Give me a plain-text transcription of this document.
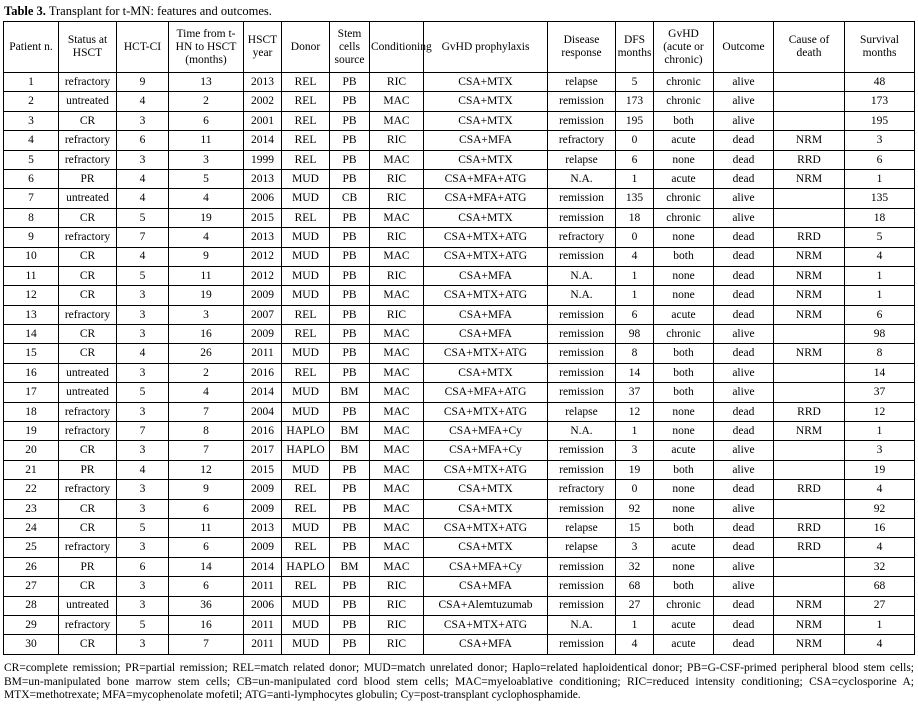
Table 3. Transplant for t-MN: features and outcomes.
Patient n.	Status at HSCT	HCT-CI	Time from t-HN to HSCT (months)	HSCT year	Donor	Stem cells source	Conditioning	GvHD prophylaxis	Disease response	DFS months	GvHD (acute or chronic)	Outcome	Cause of death	Survival months
1	refractory	9	13	2013	REL	PB	RIC	CSA+MTX	relapse	5	chronic	alive		48
2	untreated	4	2	2002	REL	PB	MAC	CSA+MTX	remission	173	chronic	alive		173
3	CR	3	6	2001	REL	PB	MAC	CSA+MTX	remission	195	both	alive		195
4	refractory	6	11	2014	REL	PB	RIC	CSA+MFA	refractory	0	acute	dead	NRM	3
5	refractory	3	3	1999	REL	PB	MAC	CSA+MTX	relapse	6	none	dead	RRD	6
6	PR	4	5	2013	MUD	PB	RIC	CSA+MFA+ATG	N.A.	1	acute	dead	NRM	1
7	untreated	4	4	2006	MUD	CB	RIC	CSA+MFA+ATG	remission	135	chronic	alive		135
8	CR	5	19	2015	REL	PB	MAC	CSA+MTX	remission	18	chronic	alive		18
9	refractory	7	4	2013	MUD	PB	RIC	CSA+MTX+ATG	refractory	0	none	dead	RRD	5
10	CR	4	9	2012	MUD	PB	MAC	CSA+MTX+ATG	remission	4	both	dead	NRM	4
11	CR	5	11	2012	MUD	PB	RIC	CSA+MFA	N.A.	1	none	dead	NRM	1
12	CR	3	19	2009	MUD	PB	MAC	CSA+MTX+ATG	N.A.	1	none	dead	NRM	1
13	refractory	3	3	2007	REL	PB	RIC	CSA+MFA	remission	6	acute	dead	NRM	6
14	CR	3	16	2009	REL	PB	MAC	CSA+MFA	remission	98	chronic	alive		98
15	CR	4	26	2011	MUD	PB	MAC	CSA+MTX+ATG	remission	8	both	dead	NRM	8
16	untreated	3	2	2016	REL	PB	MAC	CSA+MTX	remission	14	both	alive		14
17	untreated	5	4	2014	MUD	BM	MAC	CSA+MFA+ATG	remission	37	both	alive		37
18	refractory	3	7	2004	MUD	PB	MAC	CSA+MTX+ATG	relapse	12	none	dead	RRD	12
19	refractory	7	8	2016	HAPLO	BM	MAC	CSA+MFA+Cy	N.A.	1	none	dead	NRM	1
20	CR	3	7	2017	HAPLO	BM	MAC	CSA+MFA+Cy	remission	3	acute	alive		3
21	PR	4	12	2015	MUD	PB	MAC	CSA+MTX+ATG	remission	19	both	alive		19
22	refractory	3	9	2009	REL	PB	MAC	CSA+MTX	refractory	0	none	dead	RRD	4
23	CR	3	6	2009	REL	PB	MAC	CSA+MTX	remission	92	none	alive		92
24	CR	5	11	2013	MUD	PB	MAC	CSA+MTX+ATG	relapse	15	both	dead	RRD	16
25	refractory	3	6	2009	REL	PB	MAC	CSA+MTX	relapse	3	acute	dead	RRD	4
26	PR	6	14	2014	HAPLO	BM	MAC	CSA+MFA+Cy	remission	32	none	alive		32
27	CR	3	6	2011	REL	PB	RIC	CSA+MFA	remission	68	both	alive		68
28	untreated	3	36	2006	MUD	PB	RIC	CSA+Alemtuzumab	remission	27	chronic	dead	NRM	27
29	refractory	5	16	2011	MUD	PB	RIC	CSA+MTX+ATG	N.A.	1	acute	dead	NRM	1
30	CR	3	7	2011	MUD	PB	RIC	CSA+MFA	remission	4	acute	dead	NRM	4
CR=complete remission; PR=partial remission; REL=match related donor; MUD=match unrelated donor; Haplo=related haploidentical donor; PB=G-CSF-primed peripheral blood stem cells; BM=un-manipulated bone marrow stem cells; CB=un-manipulated cord blood stem cells; MAC=myeloablative conditioning; RIC=reduced intensity conditioning; CSA=cyclosporine A; MTX=methotrexate; MFA=mycophenolate mofetil; ATG=anti-lymphocytes globulin; Cy=post-transplant cyclophosphamide.
